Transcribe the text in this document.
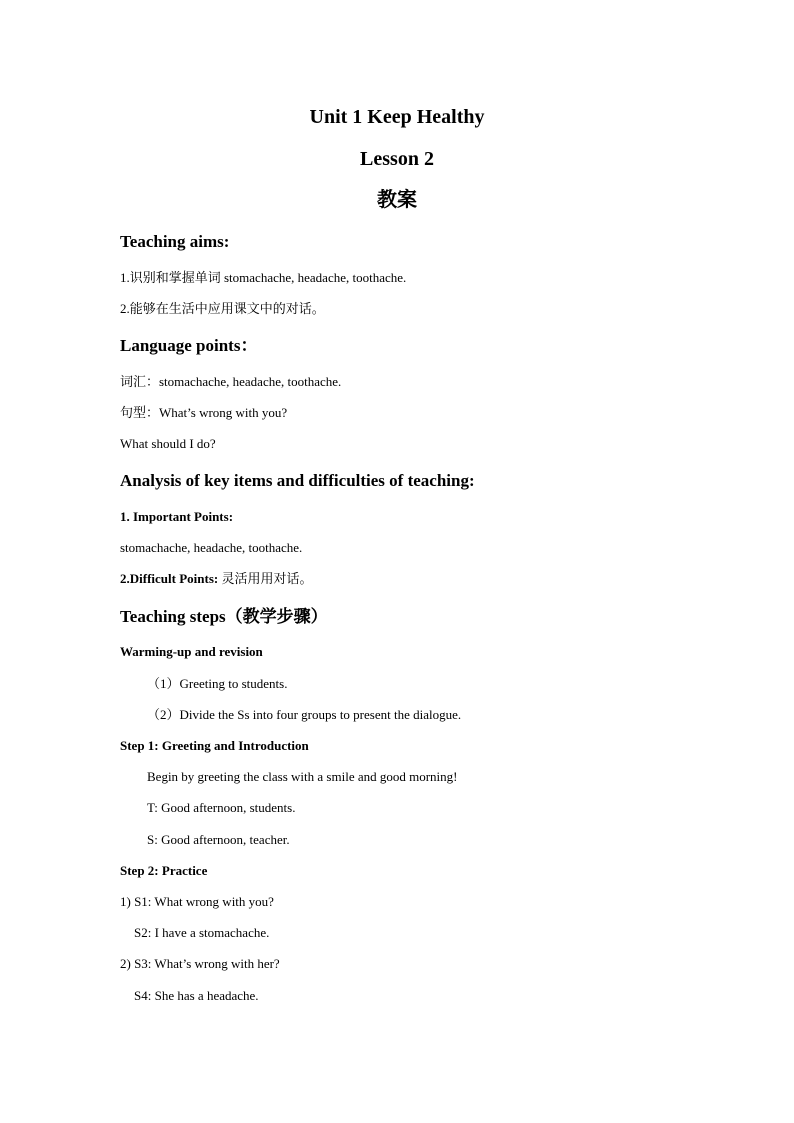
Unit 1 Keep Healthy
Lesson 2
教案
Teaching aims:
1.识别和掌握单词 stomachache, headache, toothache.
2.能够在生活中应用课文中的对话。
Language points：
词汇：stomachache, headache, toothache.
句型：What’s wrong with you?
What should I do?
Analysis of key items and difficulties of teaching:
1. Important Points:
stomachache, headache, toothache.
2.Difficult Points: 灵活用用对话。
Teaching steps（教学步骤）
Warming-up and revision
（1）Greeting to students.
（2）Divide the Ss into four groups to present the dialogue.
Step 1: Greeting and Introduction
Begin by greeting the class with a smile and good morning!
T: Good afternoon, students.
S: Good afternoon, teacher.
Step 2: Practice
1) S1: What wrong with you?
S2: I have a stomachache.
2) S3: What’s wrong with her?
S4: She has a headache.
